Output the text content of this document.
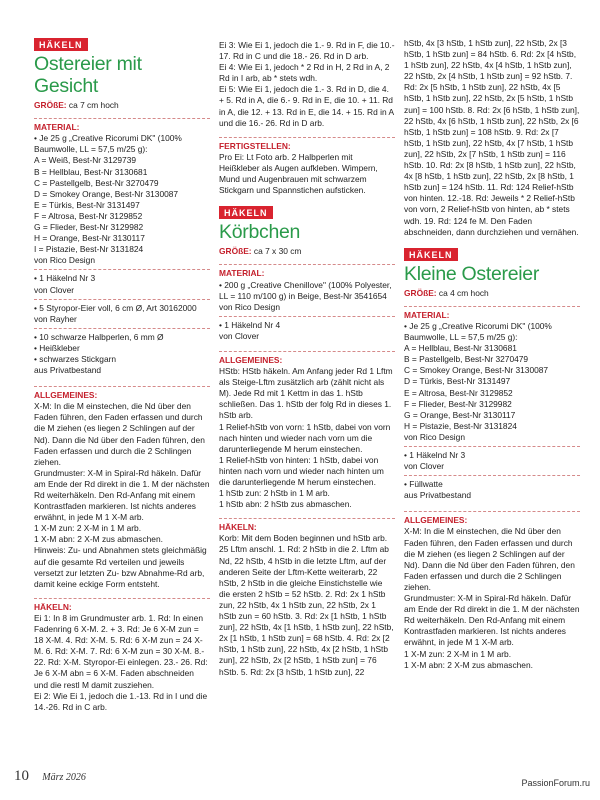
HÄKELN
Ostereier mit Gesicht

GRÖßE: ca 7 cm hoch

MATERIAL:

• Je 25 g „Creative Ricorumi DK" (100% Baumwolle, LL = 57,5 m/25 g):

A = Weiß, Best-Nr 3129739

B = Hellblau, Best-Nr 3130681

C = Pastellgelb, Best-Nr 3270479

D = Smokey Orange, Best-Nr 3130087

E = Türkis, Best-Nr 3131497

F = Altrosa, Best-Nr 3129852

G = Flieder, Best-Nr 3129982

H = Orange, Best-Nr 3130117

I = Pistazie, Best-Nr 3131824

von Rico Design

• 1 Häkelnd Nr 3

von Clover

• 5 Styropor-Eier voll, 6 cm Ø, Art 30162000

von Rayher

• 10 schwarze Halbperlen, 6 mm Ø

• Heißkleber

• schwarzes Stickgarn

aus Privatbestand

ALLGEMEINES:

X-M: In die M einstechen, die Nd über den Faden führen, den Faden erfassen und durch die M ziehen (es liegen 2 Schlingen auf der Nd). Dann die Nd über den Faden führen, den Faden erfassen und durch die 2 Schlingen ziehen.

Grundmuster: X-M in Spiral-Rd häkeln. Dafür am Ende der Rd direkt in die 1. M der nächsten Rd weiterhäkeln. Den Rd-Anfang mit einem Kontrastfaden markieren. Ist nichts anderes erwähnt, in jede M 1 X-M arb.

1 X-M zun: 2 X-M in 1 M arb.

1 X-M abn: 2 X-M zus abmaschen.

Hinweis: Zu- und Abnahmen stets gleichmäßig auf die gesamte Rd verteilen und jeweils versetzt zur letzten Zu- bzw Abnahme-Rd arb, damit keine eckige Form entsteht.

HÄKELN:

Ei 1: In 8 im Grundmuster arb. 1. Rd: In einen Fadenring 6 X-M. 2. + 3. Rd: Je 6 X-M zun = 18 X-M. 4. Rd: X-M. 5. Rd: 6 X-M zun = 24 X-M. 6. Rd: X-M. 7. Rd: 6 X-M zun = 30 X-M. 8.- 22. Rd: X-M. Styropor-Ei einlegen. 23.- 26. Rd: Je 6 X-M abn = 6 X-M. Faden abschneiden und die restl M damit zusziehen.

Ei 2: Wie Ei 1, jedoch die 1.-13. Rd in I und die 14.-26. Rd in C arb.

Ei 3: Wie Ei 1, jedoch die 1.- 9. Rd in F, die 10.- 17. Rd in C und die 18.- 26. Rd in D arb.

Ei 4: Wie Ei 1, jedoch * 2 Rd in H, 2 Rd in A, 2 Rd in I arb, ab * stets wdh.

Ei 5: Wie Ei 1, jedoch die 1.- 3. Rd in D, die 4. + 5. Rd in A, die 6.- 9. Rd in E, die 10. + 11. Rd in A, die 12. + 13. Rd in E, die 14. + 15. Rd in A und die 16.- 26. Rd in D arb.

FERTIGSTELLEN:

Pro Ei: Lt Foto arb. 2 Halbperlen mit Heißkleber als Augen aufkleben. Wimpern, Mund und Augenbrauen mit schwarzem Stickgarn und Spannstichen aufsticken.

HÄKELN
Körbchen

GRÖßE: ca 7 x 30 cm

MATERIAL:

• 200 g „Creative Chenillove" (100% Polyester, LL = 110 m/100 g) in Beige, Best-Nr 3541654

von Rico Design

• 1 Häkelnd Nr 4

von Clover

ALLGEMEINES:

HStb: HStb häkeln. Am Anfang jeder Rd 1 Lftm als Steige-Lftm zusätzlich arb (zählt nicht als M). Jede Rd mit 1 Kettm in das 1. hStb schließen. Das 1. hStb der folg Rd in dieses 1. hStb arb.

1 Relief-hStb von vorn: 1 hStb, dabei von vorn nach hinten und wieder nach vorn um die darunterliegende M herum einstechen.

1 Relief-hStb von hinten: 1 hStb, dabei von hinten nach vorn und wieder nach hinten um die darunterliegende M herum einstechen.

1 hStb zun: 2 hStb in 1 M arb.

1 hStb abn: 2 hStb zus abmaschen.

HÄKELN:

Korb: Mit dem Boden beginnen und hStb arb. 25 Lftm anschl. 1. Rd: 2 hStb in die 2. Lftm ab Nd, 22 hStb, 4 hStb in die letzte Lftm, auf der anderen Seite der Lftm-Kette weiterarb, 22 hStb, 2 hStb in die gleiche Einstichstelle wie die ersten 2 hStb = 52 hStb. 2. Rd: 2x 1 hStb zun, 22 hStb, 4x 1 hStb zun, 22 hStb, 2x 1 hStb zun = 60 hStb. 3. Rd: 2x [1 hStb, 1 hStb zun], 22 hStb, 4x [1 hStb, 1 hStb zun], 22 hStb, 2x [1 hStb, 1 hStb zun] = 68 hStb. 4. Rd: 2x [2 hStb, 1 hStb zun], 22 hStb, 4x [2 hStb, 1 hStb zun], 22 hStb, 2x [2 hStb, 1 hStb zun] = 76 hStb. 5. Rd: 2x [3 hStb, 1 hStb zun], 22

hStb, 4x [3 hStb, 1 hStb zun], 22 hStb, 2x [3 hStb, 1 hStb zun] = 84 hStb. 6. Rd: 2x [4 hStb, 1 hStb zun], 22 hStb, 4x [4 hStb, 1 hStb zun], 22 hStb, 2x [4 hStb, 1 hStb zun] = 92 hStb. 7. Rd: 2x [5 hStb, 1 hStb zun], 22 hStb, 4x [5 hStb, 1 hStb zun], 22 hStb, 2x [5 hStb, 1 hStb zun] = 100 hStb. 8. Rd: 2x [6 hStb, 1 hStb zun], 22 hStb, 4x [6 hStb, 1 hStb zun], 22 hStb, 2x [6 hStb, 1 hStb zun] = 108 hStb. 9. Rd: 2x [7 hStb, 1 hStb zun], 22 hStb, 4x [7 hStb, 1 hStb zun], 22 hStb, 2x [7 hStb, 1 hStb zun] = 116 hStb. 10. Rd: 2x [8 hStb, 1 hStb zun], 22 hStb, 4x [8 hStb, 1 hStb zun], 22 hStb, 2x [8 hStb, 1 hStb zun] = 124 hStb. 11. Rd: 124 Relief-hStb von hinten. 12.-18. Rd: Jeweils * 2 Relief-hStb von vorn, 2 Relief-hStb von hinten, ab * stets wdh. 19. Rd: 124 fe M. Den Faden abschneiden, dann durchziehen und vernähen.

HÄKELN
Kleine Ostereier

GRÖßE: ca 4 cm hoch

MATERIAL:

• Je 25 g „Creative Ricorumi DK" (100% Baumwolle, LL = 57,5 m/25 g):

A = Hellblau, Best-Nr 3130681

B = Pastellgelb, Best-Nr 3270479

C = Smokey Orange, Best-Nr 3130087

D = Türkis, Best-Nr 3131497

E = Altrosa, Best-Nr 3129852

F = Flieder, Best-Nr 3129982

G = Orange, Best-Nr 3130117

H = Pistazie, Best-Nr 3131824

von Rico Design

• 1 Häkelnd Nr 3

von Clover

• Füllwatte

aus Privatbestand

ALLGEMEINES:

X-M: In die M einstechen, die Nd über den Faden führen, den Faden erfassen und durch die M ziehen (es liegen 2 Schlingen auf der Nd). Dann die Nd über den Faden führen, den Faden erfassen und durch die 2 Schlingen ziehen.

Grundmuster: X-M in Spiral-Rd häkeln. Dafür am Ende der Rd direkt in die 1. M der nächsten Rd weiterhäkeln. Den Rd-Anfang mit einem Kontrastfaden markieren. Ist nichts anderes erwähnt, in jede M 1 X-M arb.

1 X-M zun: 2 X-M in 1 M arb.

1 X-M abn: 2 X-M zus abmaschen.

10 März 2026	PassionForum.ru
